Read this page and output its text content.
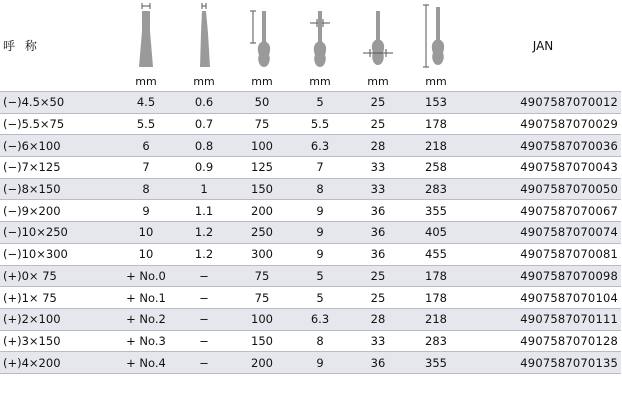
呼 称							JAN
	mm	mm	mm	mm	mm	mm	
(−)4.5×50	4.5	0.6	50	5	25	153	4907587070012
(−)5.5×75	5.5	0.7	75	5.5	25	178	4907587070029
(−)6×100	6	0.8	100	6.3	28	218	4907587070036
(−)7×125	7	0.9	125	7	33	258	4907587070043
(−)8×150	8	1	150	8	33	283	4907587070050
(−)9×200	9	1.1	200	9	36	355	4907587070067
(−)10×250	10	1.2	250	9	36	405	4907587070074
(−)10×300	10	1.2	300	9	36	455	4907587070081
(+)0× 75	+ No.0	−	75	5	25	178	4907587070098
(+)1× 75	+ No.1	−	75	5	25	178	4907587070104
(+)2×100	+ No.2	−	100	6.3	28	218	4907587070111
(+)3×150	+ No.3	−	150	8	33	283	4907587070128
(+)4×200	+ No.4	−	200	9	36	355	4907587070135
